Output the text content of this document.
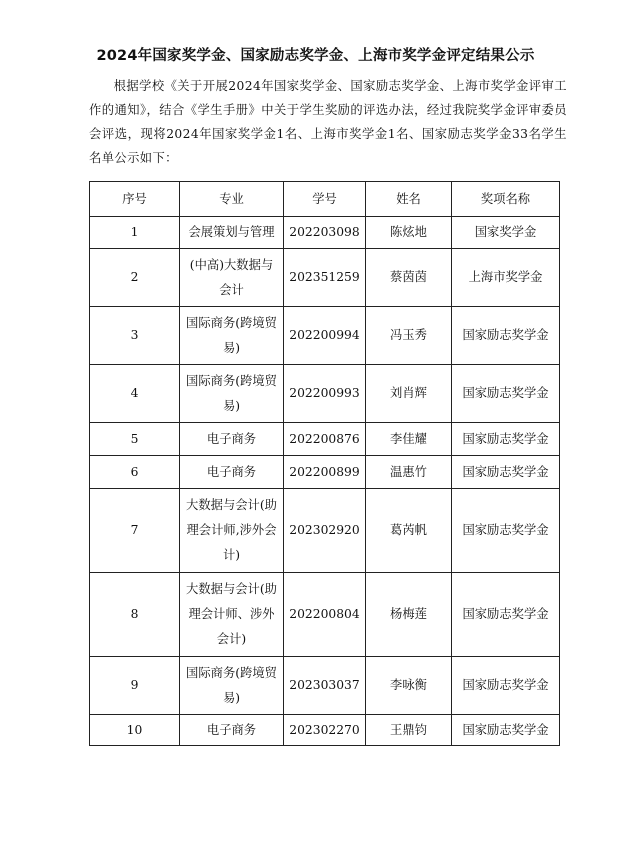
2024年国家奖学金、国家励志奖学金、上海市奖学金评定结果公示

根据学校《关于开展2024年国家奖学金、国家励志奖学金、上海市奖学金评审工作的通知》，结合《学生手册》中关于学生奖励的评选办法，经过我院奖学金评审委员会评选，现将2024年国家奖学金1名、上海市奖学金1名、国家励志奖学金33名学生名单公示如下：

序号	专业	学号	姓名	奖项名称
1	会展策划与管理	202203098	陈炫地	国家奖学金
2	(中高)大数据与会计	202351259	蔡茵茵	上海市奖学金
3	国际商务(跨境贸易)	202200994	冯玉秀	国家励志奖学金
4	国际商务(跨境贸易)	202200993	刘肖辉	国家励志奖学金
5	电子商务	202200876	李佳耀	国家励志奖学金
6	电子商务	202200899	温惠竹	国家励志奖学金
7	大数据与会计(助理会计师,涉外会计)	202302920	葛芮帆	国家励志奖学金
8	大数据与会计(助理会计师、涉外会计)	202200804	杨梅莲	国家励志奖学金
9	国际商务(跨境贸易)	202303037	李咏衡	国家励志奖学金
10	电子商务	202302270	王鼎钧	国家励志奖学金
